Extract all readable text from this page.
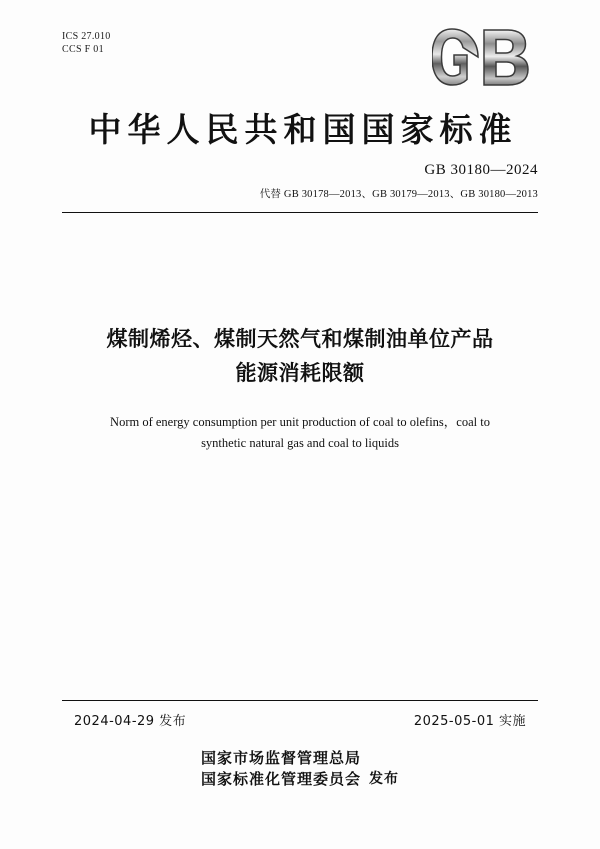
ICS 27.010
CCS F 01
中华人民共和国国家标准
GB 30180—2024
代替 GB 30178—2013、GB 30179—2013、GB 30180—2013
煤制烯烃、煤制天然气和煤制油单位产品
能源消耗限额
Norm of energy consumption per unit production of coal to olefins，coal to
synthetic natural gas and coal to liquids
2024-04-29 发布	2025-05-01 实施
国家市场监督管理总局
国家标准化管理委员会 发布
